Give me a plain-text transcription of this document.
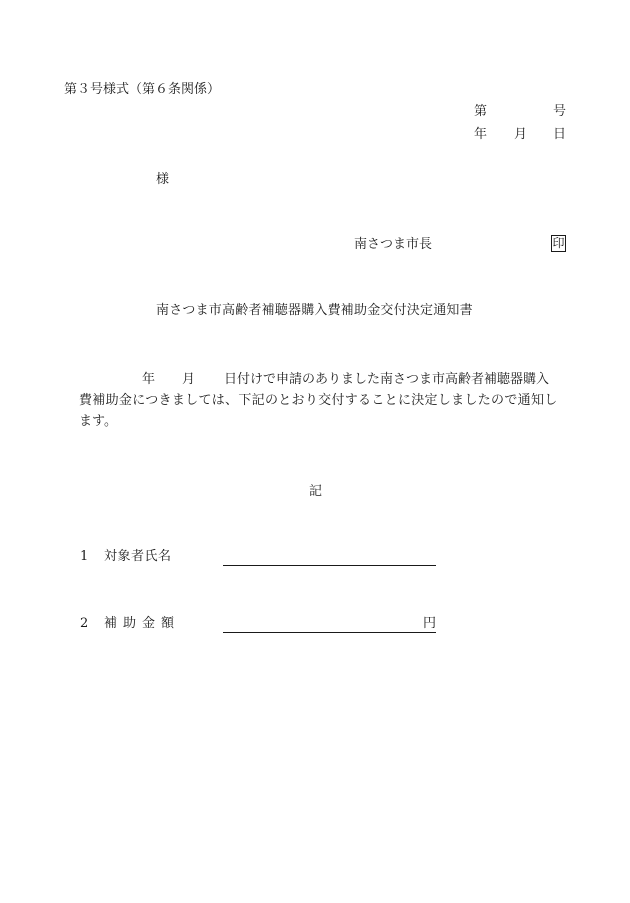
第３号様式（第６条関係）
第	号
年 月 日
様
南さつま市長	印
南さつま市高齢者補聴器購入費補助金交付決定通知書
年 月 日付けで申請のありました南さつま市高齢者補聴器購入
費補助金につきましては、下記のとおり交付することに決定しましたので通知し
ます。
記
1 対象者氏名
2 補助金額	円
